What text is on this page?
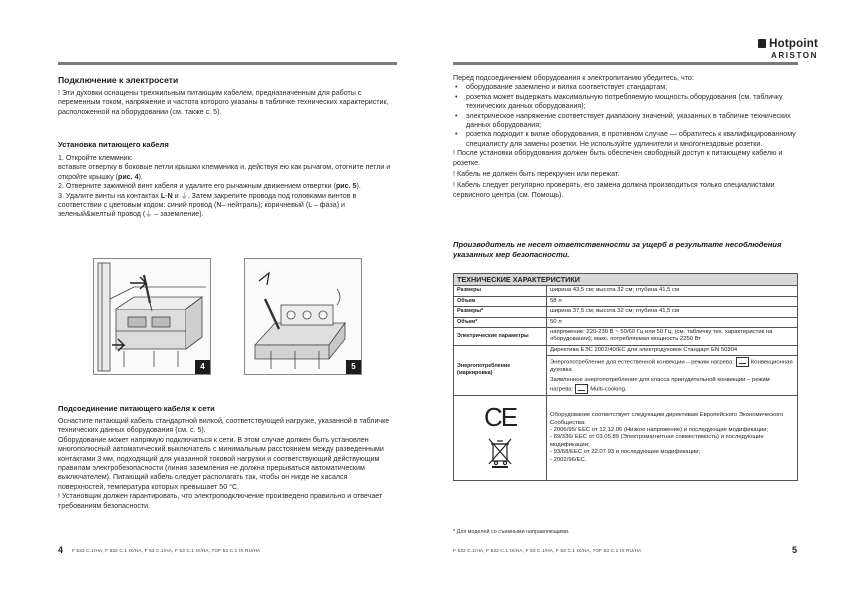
Подключение к электросети
! Эти духовки оснащены трехжильным питающим кабелем, предназначенным для работы с переменным током, напряжение и частота которого указаны в табличке технических характеристик, расположенной на оборудовании (см. также с. 5).
Установка питающего кабеля
1. Откройте клеммник:
вставьте отвертку в боковые петли крышки клеммника и, действуя ею как рычагом, отогните петли и откройте крышку (рис. 4).
2. Отверните зажимной винт кабеля и удалите его рычажным движением отвертки (рис. 5).
3. Удалите винты на контактах L-N и ⏚. Затем закрепите провода под головками винтов в соответствии с цветовым кодом: синий провод (N– нейтраль); коричневый (L – фаза) и зеленый&желтый провод (⏚ – заземление).
4	5
Подсоединение питающего кабеля к сети
Оснастите питающий кабель стандартной вилкой, соответствующей нагрузке, указанной в табличке технических данных оборудования (см. с. 5).
Оборудование может напрямую подключаться к сети. В этом случае должен быть установлен многополюсный автоматический выключатель с минимальным расстоянием между разведенными контактами 3 мм, подходящий для указанной токовой нагрузки и соответствующий действующим правилам электробезопасности (линия заземления не должна прерываться автоматическим выключателем). Питающий кабель следует располагать так, чтобы он нигде не касался поверхностей, температура которых превышает 50 °С.
! Установщик должен гарантировать, что электроподключение произведено правильно и отвечает требованиям безопасности.
4 F 532 C.1/HA, F 532 C.1 IX/HA, F 53 C.1/HA, F 53 C.1 IX/HA, 7OF 53 C.1 IX RU/HA
Hotpoint
ARISTON
Перед подсоединением оборудования к электропитанию убедитесь, что:
• оборудование заземлено и вилка соответствует стандартам;
• розетка может выдержать максимальную потребляемую мощность оборудования (см. табличку технических данных оборудования);
• электрическое напряжение соответствует диапазону значений, указанных в табличке технических данных оборудования;
• розетка подходит к вилке оборудования, в противном случае — обратитесь к квалифицированному специалисту для замены розетки. Не используйте удлинители и многогнездовые розетки.
! После установки оборудования должен быть обеспечен свободный доступ к питающему кабелю и розетке.
! Кабель не должен быть перекручен или пережат.
! Кабель следует регулярно проверять, его замена должна производиться только специалистами сервисного центра (см. Помощь).
Производитель не несет ответственности за ущерб в результате несоблюдения указанных мер безопасности.
ТЕХНИЧЕСКИЕ ХАРАКТЕРИСТИКИ	
Размеры	ширина 43,5 см; высота 32 см; глубина 41,5 см
Объем	58 л
Размеры*	ширина 37,5 см; высота 32 см; глубина 41,5 см
Объем*	50 л
Электрические параметры	напряжение: 220-230 В ~ 50/60 Гц или 50 Гц; (см. табличку тех. характеристик на оборудовании); макс. потребляемая мощность 2250 Вт
Энергопотребление (маркировка)	Директива ЕЭС 2002/40/ЕС для электродуховок Стандарт EN 50304

	Энергопотребление для естественной конвекции – режим нагрева: Конвекционная духовка
Заявленное энергопотребление для класса принудительной конвекции – режим нагрева: Multi-cooking.

CE	Оборудование соответствует следующим директивам Европейского Экономического Сообщества:
- 2006/95/ EEC от 12.12.06 (Низкое напряжение) и последующие модификации;
- 89/336/ EEC от 03.05.89 (Электромагнитная совместимость) и последующие модификации;
- 93/68/EEC от 22.07.93 и последующие модификации;
- 2002/96/EC.
* Для моделей со съемными направляющими.
F 532 C.1/HA, F 532 C.1 IX/HA, F 53 C.1/HA, F 53 C.1 IX/HA, 7OF 53 C.1 IX RU/HA	5
